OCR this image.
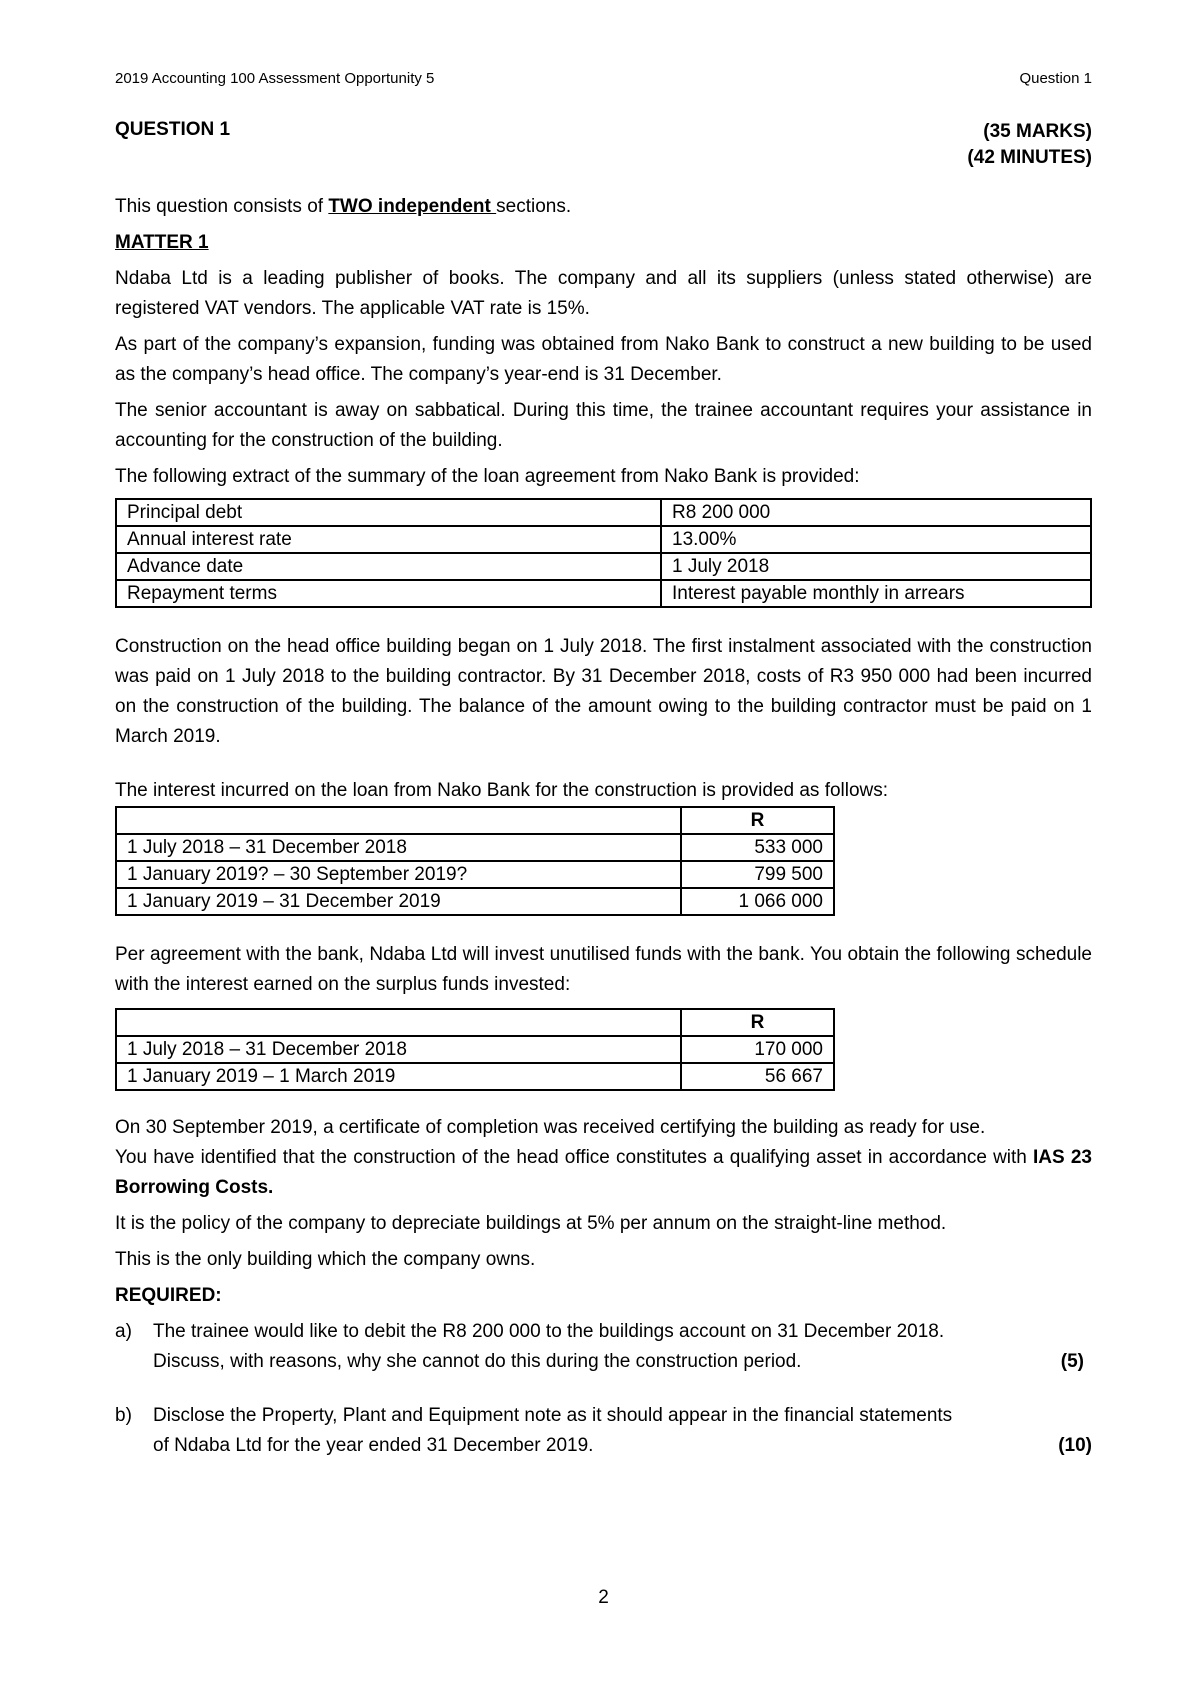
2019 Accounting 100 Assessment Opportunity 5	Question 1
QUESTION 1	(35 MARKS)
(42 MINUTES)

This question consists of TWO independent sections.

MATTER 1

Ndaba Ltd is a leading publisher of books. The company and all its suppliers (unless stated otherwise) are registered VAT vendors. The applicable VAT rate is 15%.

As part of the company’s expansion, funding was obtained from Nako Bank to construct a new building to be used as the company’s head office. The company’s year-end is 31 December.

The senior accountant is away on sabbatical. During this time, the trainee accountant requires your assistance in accounting for the construction of the building.

The following extract of the summary of the loan agreement from Nako Bank is provided:

Principal debt	R8 200 000
Annual interest rate	13.00%
Advance date	1 July 2018
Repayment terms	Interest payable monthly in arrears

Construction on the head office building began on 1 July 2018. The first instalment associated with the construction was paid on 1 July 2018 to the building contractor. By 31 December 2018, costs of R3 950 000 had been incurred on the construction of the building. The balance of the amount owing to the building contractor must be paid on 1 March 2019.

The interest incurred on the loan from Nako Bank for the construction is provided as follows:

	R
1 July 2018 – 31 December 2018	533 000
1 January 2019? – 30 September 2019?	799 500
1 January 2019 – 31 December 2019	1 066 000

Per agreement with the bank, Ndaba Ltd will invest unutilised funds with the bank. You obtain the following schedule with the interest earned on the surplus funds invested:

	R
1 July 2018 – 31 December 2018	170 000
1 January 2019 – 1 March 2019	56 667

On 30 September 2019, a certificate of completion was received certifying the building as ready for use.

You have identified that the construction of the head office constitutes a qualifying asset in accordance with IAS 23 Borrowing Costs.

It is the policy of the company to depreciate buildings at 5% per annum on the straight-line method.

This is the only building which the company owns.

REQUIRED:

a)	The trainee would like to debit the R8 200 000 to the buildings account on 31 December 2018.
Discuss, with reasons, why she cannot do this during the construction period.	(5)
b)	Disclose the Property, Plant and Equipment note as it should appear in the financial statements
of Ndaba Ltd for the year ended 31 December 2019.	(10)
2
